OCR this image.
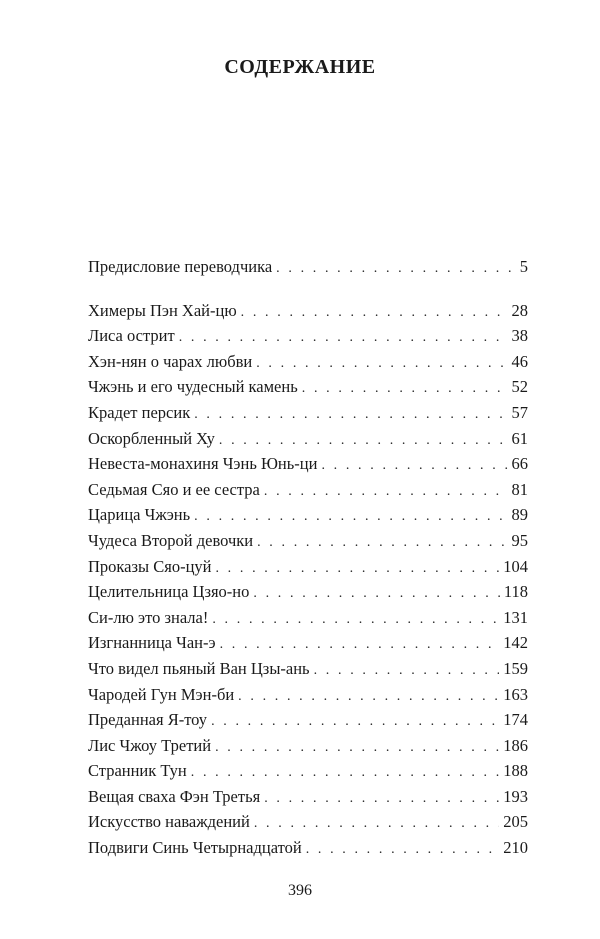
СОДЕРЖАНИЕ
Предисловие переводчика . . .	5
Химеры Пэн Хай-цю . . .	28
Лиса острит . . .	38
Хэн-нян о чарах любви . . .	46
Чжэнь и его чудесный камень . . .	52
Крадет персик . . .	57
Оскорбленный Ху . . .	61
Невеста-монахиня Чэнь Юнь-ци . . .	66
Седьмая Сяо и ее сестра . . .	81
Царица Чжэнь . . .	89
Чудеса Второй девочки . . .	95
Проказы Сяо-цуй . . .	104
Целительница Цзяо-но . . .	118
Си-лю это знала! . . .	131
Изгнанница Чан-э . . .	142
Что видел пьяный Ван Цзы-ань . . .	159
Чародей Гун Мэн-би . . .	163
Преданная Я-тоу . . .	174
Лис Чжоу Третий . . .	186
Странник Тун . . .	188
Вещая сваха Фэн Третья . . .	193
Искусство наваждений . . .	205
Подвиги Синь Четырнадцатой . . .	210
396
